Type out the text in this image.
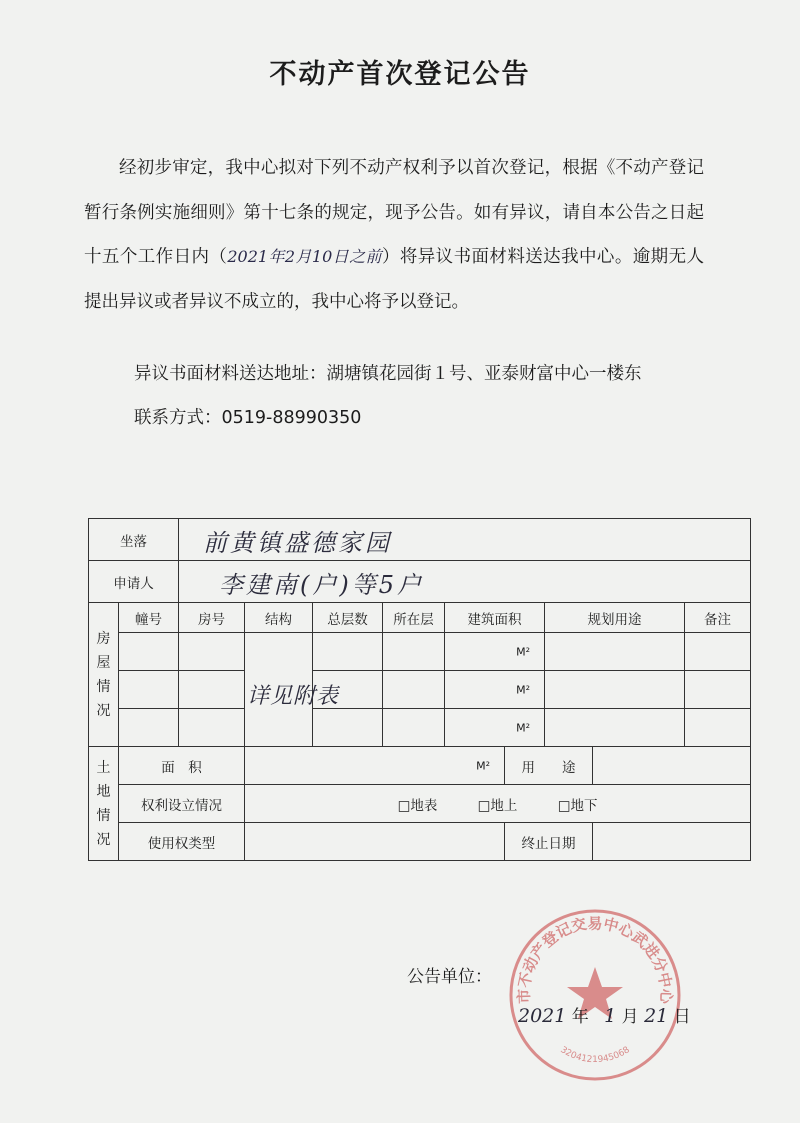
不动产首次登记公告
经初步审定，我中心拟对下列不动产权利予以首次登记，根据《不动产登记暂行条例实施细则》第十七条的规定，现予公告。如有异议，请自本公告之日起十五个工作日内（2021年2月10日之前）将异议书面材料送达我中心。逾期无人提出异议或者异议不成立的，我中心将予以登记。
异议书面材料送达地址：湖塘镇花园街１号、亚泰财富中心一楼东
联系方式：0519-88990350
坐落		前黄镇盛德家园								

申请人		李建南(户)等5户								

房屋情况	幢号	房号	结构	总层数	所在层	建筑面积		规划用途		备注

			详见附表			M²				

						M²				

						M²				

土地情况	面　积		M²				用　　途			
	权利设立情况		□ 地表 □ 地上 □ 地下
	使用权类型						终止日期			
公告单位：
市不动产登记交易中心武进分中心
3204121945068
2021 年 1 月 21 日
